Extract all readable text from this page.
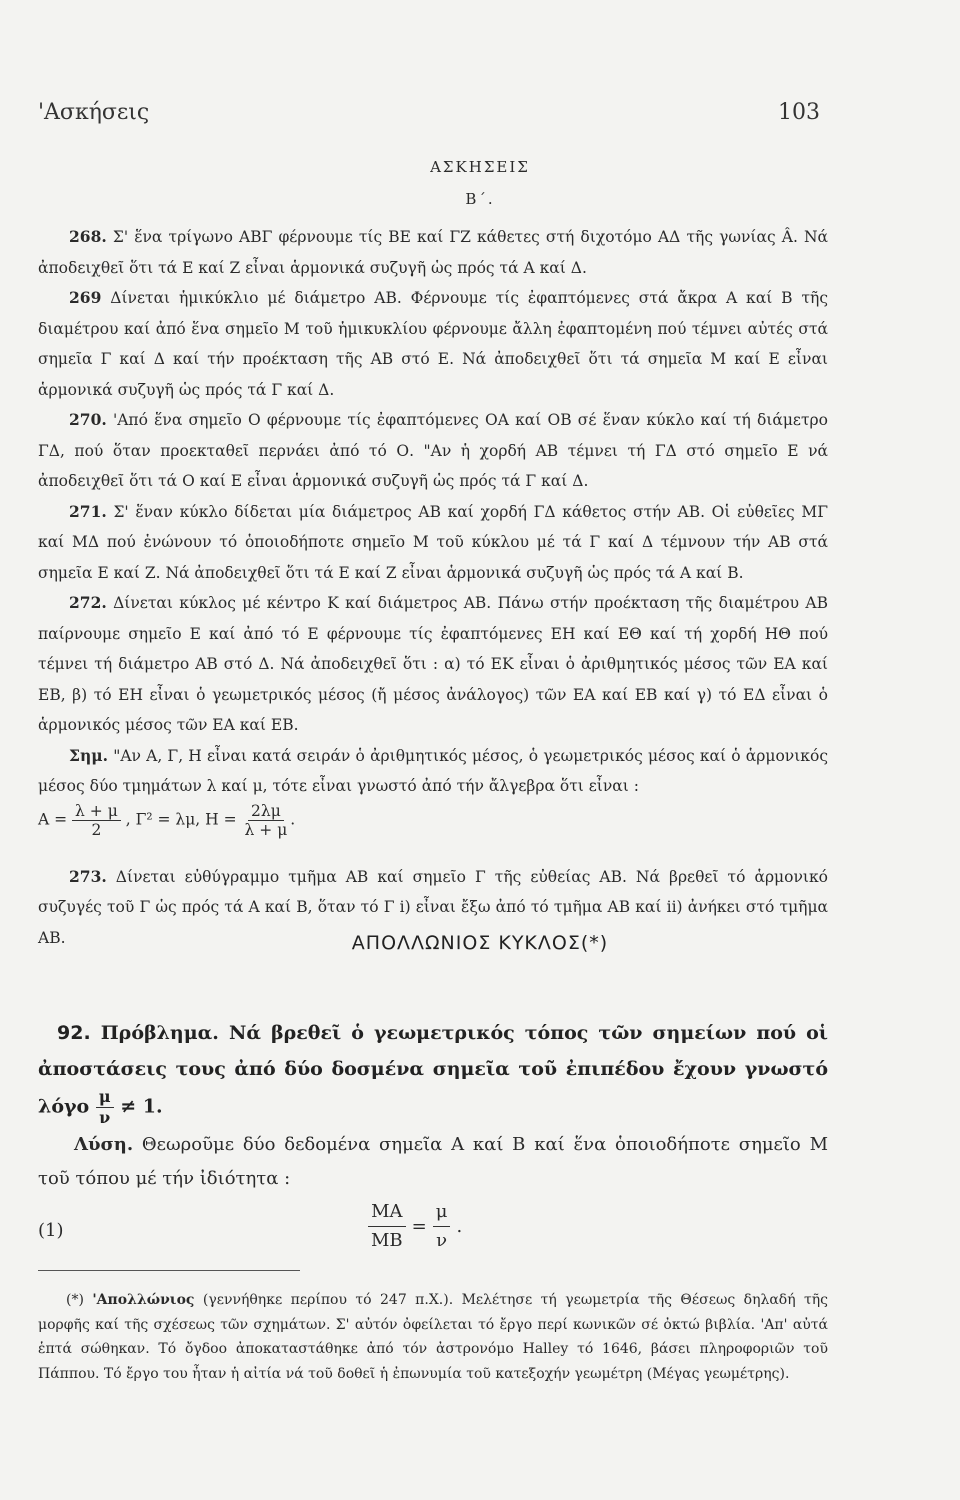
'Ασκήσεις	103
ΑΣΚΗΣΕΙΣ
Β΄.

  268. Σ' ἕνα τρίγωνο ΑΒΓ φέρνουμε τίς ΒΕ καί ΓΖ κάθετες στή διχοτόμο ΑΔ τῆς γωνίας Â. Νά ἀποδειχθεῖ ὅτι τά Ε καί Ζ εἶναι ἁρμονικά συζυγῆ ὡς πρός τά Α καί Δ.

  269 Δίνεται ἡμικύκλιο μέ διάμετρο ΑΒ. Φέρνουμε τίς ἐφαπτόμενες στά ἄκρα Α καί Β τῆς διαμέτρου καί ἀπό ἕνα σημεῖο Μ τοῦ ἡμικυκλίου φέρνουμε ἄλλη ἐφαπτομένη πού τέμνει αὐτές στά σημεῖα Γ καί Δ καί τήν προέκταση τῆς ΑΒ στό Ε. Νά ἀποδειχθεῖ ὅτι τά σημεῖα Μ καί Ε εἶναι ἁρμονικά συζυγῆ ὡς πρός τά Γ καί Δ.

  270. 'Από ἕνα σημεῖο Ο φέρνουμε τίς ἐφαπτόμενες ΟΑ καί ΟΒ σέ ἕναν κύκλο καί τή διάμετρο ΓΔ, πού ὅταν προεκταθεῖ περνάει ἀπό τό Ο. "Αν ἡ χορδή ΑΒ τέμνει τή ΓΔ στό σημεῖο Ε νά ἀποδειχθεῖ ὅτι τά Ο καί Ε εἶναι ἁρμονικά συζυγῆ ὡς πρός τά Γ καί Δ.

  271. Σ' ἕναν κύκλο δίδεται μία διάμετρος ΑΒ καί χορδή ΓΔ κάθετος στήν ΑΒ. Οἱ εὐθεῖες ΜΓ καί ΜΔ πού ἑνώνουν τό ὁποιοδήποτε σημεῖο Μ τοῦ κύκλου μέ τά Γ καί Δ τέμνουν τήν ΑΒ στά σημεῖα Ε καί Ζ. Νά ἀποδειχθεῖ ὅτι τά Ε καί Ζ εἶναι ἁρμονικά συζυγῆ ὡς πρός τά Α καί Β.

  272. Δίνεται κύκλος μέ κέντρο Κ καί διάμετρος ΑΒ. Πάνω στήν προέκταση τῆς διαμέτρου ΑΒ παίρνουμε σημεῖο Ε καί ἀπό τό Ε φέρνουμε τίς ἐφαπτόμενες ΕΗ καί ΕΘ καί τή χορδή ΗΘ πού τέμνει τή διάμετρο ΑΒ στό Δ. Νά ἀποδειχθεῖ ὅτι : α) τό ΕΚ εἶναι ὁ ἀριθμητικός μέσος τῶν ΕΑ καί ΕΒ, β) τό ΕΗ εἶναι ὁ γεωμετρικός μέσος (ἤ μέσος ἀνάλογος) τῶν ΕΑ καί ΕΒ καί γ) τό ΕΔ εἶναι ὁ ἁρμονικός μέσος τῶν ΕΑ καί ΕΒ.

  Σημ. "Αν Α, Γ, Η εἶναι κατά σειράν ὁ ἀριθμητικός μέσος, ὁ γεωμετρικός μέσος καί ὁ ἁρμονικός μέσος δύο τμημάτων λ καί μ, τότε εἶναι γνωστό ἀπό τήν ἄλγεβρα ὅτι εἶναι :

$A = \frac{\lambda + \mu}{2}$ , Γ² = λμ, $H = \frac{2\lambda\mu}{\lambda + \mu}$ .

  273. Δίνεται εὐθύγραμμο τμῆμα ΑΒ καί σημεῖο Γ τῆς εὐθείας ΑΒ. Νά βρεθεῖ τό ἁρμονικό συζυγές τοῦ Γ ὡς πρός τά Α καί Β, ὅταν τό Γ i) εἶναι ἔξω ἀπό τό τμῆμα ΑΒ καί ii) ἀνήκει στό τμῆμα ΑΒ.	ΑΠΟΛΛΩΝΙΟΣ ΚΥΚΛΟΣ(*)
 92. Πρόβλημα. Νά βρεθεῖ ὁ γεωμετρικός τόπος τῶν σημείων πού οἱ ἀποστάσεις τους ἀπό δύο δοσμένα σημεῖα τοῦ ἐπιπέδου ἔχουν γνωστό λόγο $\frac{\mu}{\nu} \ne 1$.
  Λύση. Θεωροῦμε δύο δεδομένα σημεῖα Α καί Β καί ἕνα ὁποιοδήποτε σημεῖο Μ τοῦ τόπου μέ τήν ἰδιότητα :
(1)	$\frac{MA}{MB} = \frac{\mu}{\nu}$ .
  (*) 'Απολλώνιος (γεννήθηκε περίπου τό 247 π.Χ.). Μελέτησε τή γεωμετρία τῆς Θέσεως δηλαδή τῆς μορφῆς καί τῆς σχέσεως τῶν σχημάτων. Σ' αὐτόν ὀφείλεται τό ἔργο περί κωνικῶν σέ ὀκτώ βιβλία. 'Απ' αὐτά ἑπτά σώθηκαν. Τό ὄγδοο ἀποκαταστάθηκε ἀπό τόν ἀστρονόμο Halley τό 1646, βάσει πληροφοριῶν τοῦ Πάππου. Τό ἔργο του ἦταν ἡ αἰτία νά τοῦ δοθεῖ ἡ ἐπωνυμία τοῦ κατεξοχήν γεωμέτρη (Μέγας γεωμέτρης).
